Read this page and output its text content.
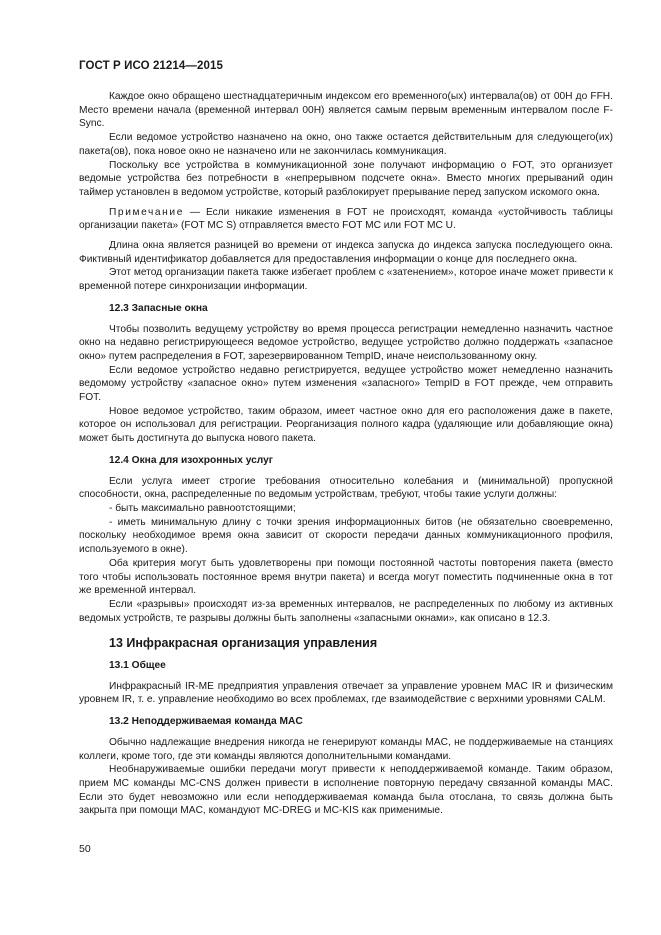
ГОСТ Р ИСО 21214—2015

Каждое окно обращено шестнадцатеричным индексом его временного(ых) интервала(ов) от 00H до FFH. Место времени начала (временной интервал 00H) является самым первым временным интервалом после F-Sync.

Если ведомое устройство назначено на окно, оно также остается действительным для следующего(их) пакета(ов), пока новое окно не назначено или не закончилась коммуникация.

Поскольку все устройства в коммуникационной зоне получают информацию о FOT, это организует ведомые устройства без потребности в «непрерывном подсчете окна». Вместо многих прерываний один таймер установлен в ведомом устройстве, который разблокирует прерывание перед запуском искомого окна.

Примечание — Если никакие изменения в FOT не происходят, команда «устойчивость таблицы организации пакета» (FOT MC S) отправляется вместо FOT MC или FOT MC U.

Длина окна является разницей во времени от индекса запуска до индекса запуска последующего окна. Фиктивный идентификатор добавляется для предоставления информации о конце для последнего окна.

Этот метод организации пакета также избегает проблем c «затенением», которое иначе может привести к временной потере синхронизации информации.

12.3 Запасные окна

Чтобы позволить ведущему устройству во время процесса регистрации немедленно назначить частное окно на недавно регистрирующееся ведомое устройство, ведущее устройство должно поддержать «запасное окно» путем распределения в FOT, зарезервированном TempID, иначе неиспользованному окну.

Если ведомое устройство недавно регистрируется, ведущее устройство может немедленно назначить ведомому устройству «запасное окно» путем изменения «запасного» TempID в FOT прежде, чем отправить FOT.

Новое ведомое устройство, таким образом, имеет частное окно для его расположения даже в пакете, которое он использовал для регистрации. Реорганизация полного кадра (удаляющие или добавляющие окна) может быть достигнута до выпуска нового пакета.

12.4 Окна для изохронных услуг

Если услуга имеет строгие требования относительно колебания и (минимальной) пропускной способности, окна, распределенные по ведомым устройствам, требуют, чтобы такие услуги должны:

- быть максимально равноотстоящими;

- иметь минимальную длину с точки зрения информационных битов (не обязательно своевременно, поскольку необходимое время окна зависит от скорости передачи данных коммуникационного профиля, используемого в окне).

Оба критерия могут быть удовлетворены при помощи постоянной частоты повторения пакета (вместо того чтобы использовать постоянное время внутри пакета) и всегда могут поместить подчиненные окна в тот же временной интервал.

Если «разрывы» происходят из-за временных интервалов, не распределенных по любому из активных ведомых устройств, те разрывы должны быть заполнены «запасными окнами», как описано в 12.3.

13 Инфракрасная организация управления
13.1 Общее

Инфракрасный IR-ME предприятия управления отвечает за управление уровнем MAC IR и физическим уровнем IR, т. е. управление необходимо во всех проблемах, где взаимодействие с верхними уровнями CALM.

13.2 Неподдерживаемая команда MAC

Обычно надлежащие внедрения никогда не генерируют команды MAC, не поддерживаемые на станциях коллеги, кроме того, где эти команды являются дополнительными командами.

Необнаруживаемые ошибки передачи могут привести к неподдерживаемой команде. Таким образом, прием MC команды MC-CNS должен привести в исполнение повторную передачу связанной команды MAC. Если это будет невозможно или если неподдерживаемая команда была отослана, то связь должна быть закрыта при помощи MAC, командуют MC-DREG и MC-KIS как применимые.

50
